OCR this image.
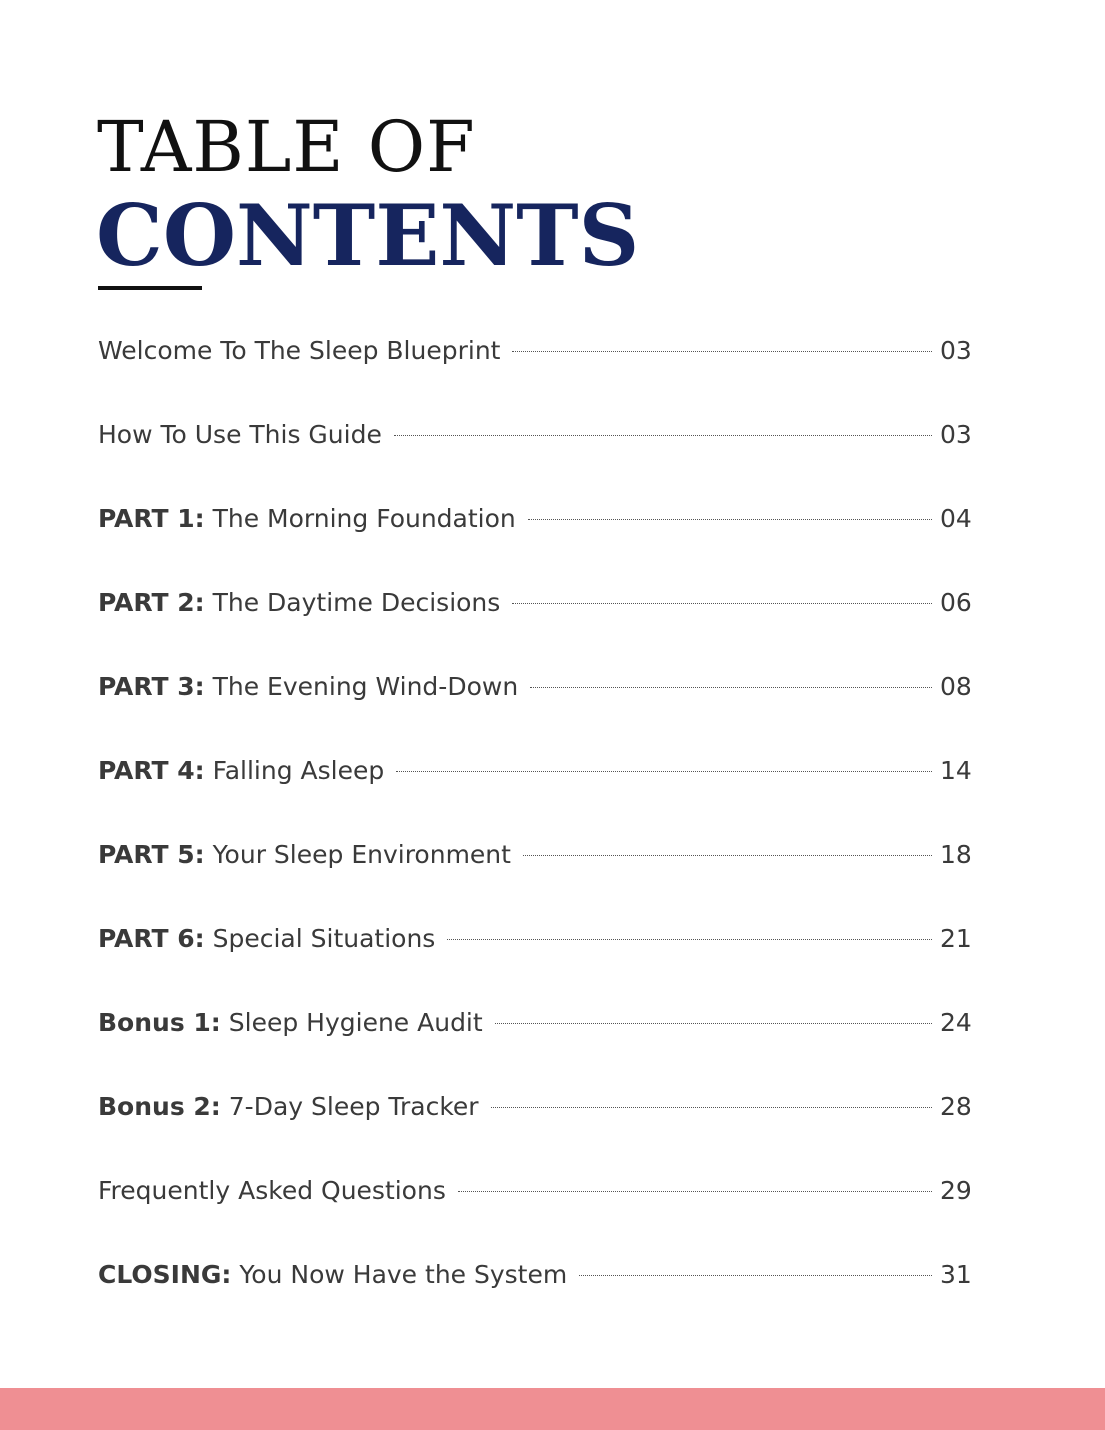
TABLE OF
CONTENTS
Welcome To The Sleep Blueprint	03
How To Use This Guide	03
PART 1: The Morning Foundation	04
PART 2: The Daytime Decisions	06
PART 3: The Evening Wind-Down	08
PART 4: Falling Asleep	14
PART 5: Your Sleep Environment	18
PART 6: Special Situations	21
Bonus 1: Sleep Hygiene Audit	24
Bonus 2: 7-Day Sleep Tracker	28
Frequently Asked Questions	29
CLOSING: You Now Have the System	31
